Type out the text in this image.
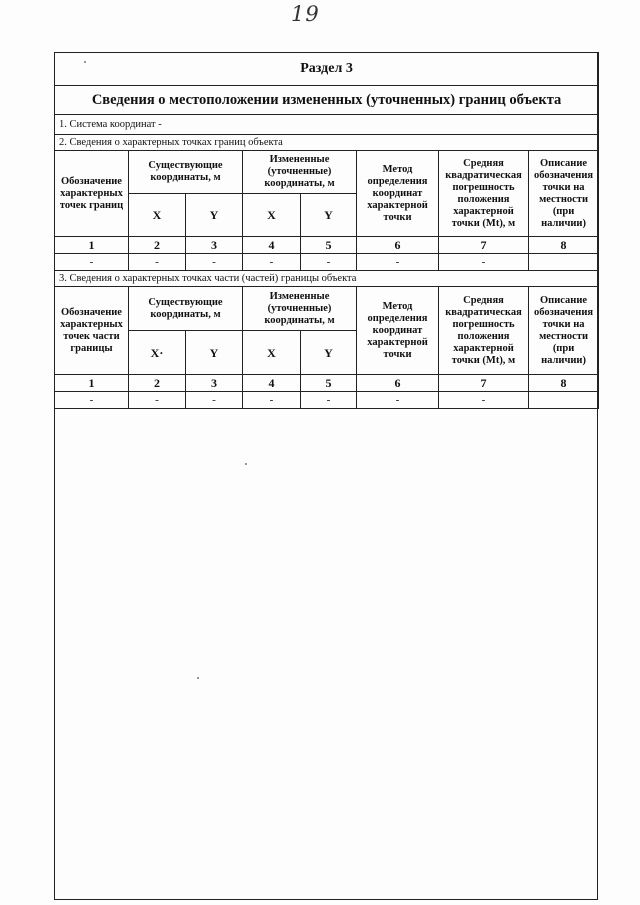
19
Раздел 3							
Сведения о местоположении измененных (уточненных) границ объекта							
1. Система координат -							
2. Сведения о характерных точках границ объекта							
Обозначение характерных точек границ	Существующие координаты, м		Измененные (уточненные) координаты, м		Метод определения координат характерной точки	Средняя квадратическая погрешность положения характерной точки (Mt), м	Описание обозначения точки на местности (при наличии)
	X	Y	X	Y			
1	2	3	4	5	6	7	8
-	-	-	-	-	-	-	
3. Сведения о характерных точках части (частей) границы объекта							
Обозначение характерных точек части границы	Существующие координаты, м		Измененные (уточненные) координаты, м		Метод определения координат характерной точки	Средняя квадратическая погрешность положения характерной точки (Mt), м	Описание обозначения точки на местности (при наличии)
	X·	Y	X	Y			
1	2	3	4	5	6	7	8
-	-	-	-	-	-	-	
